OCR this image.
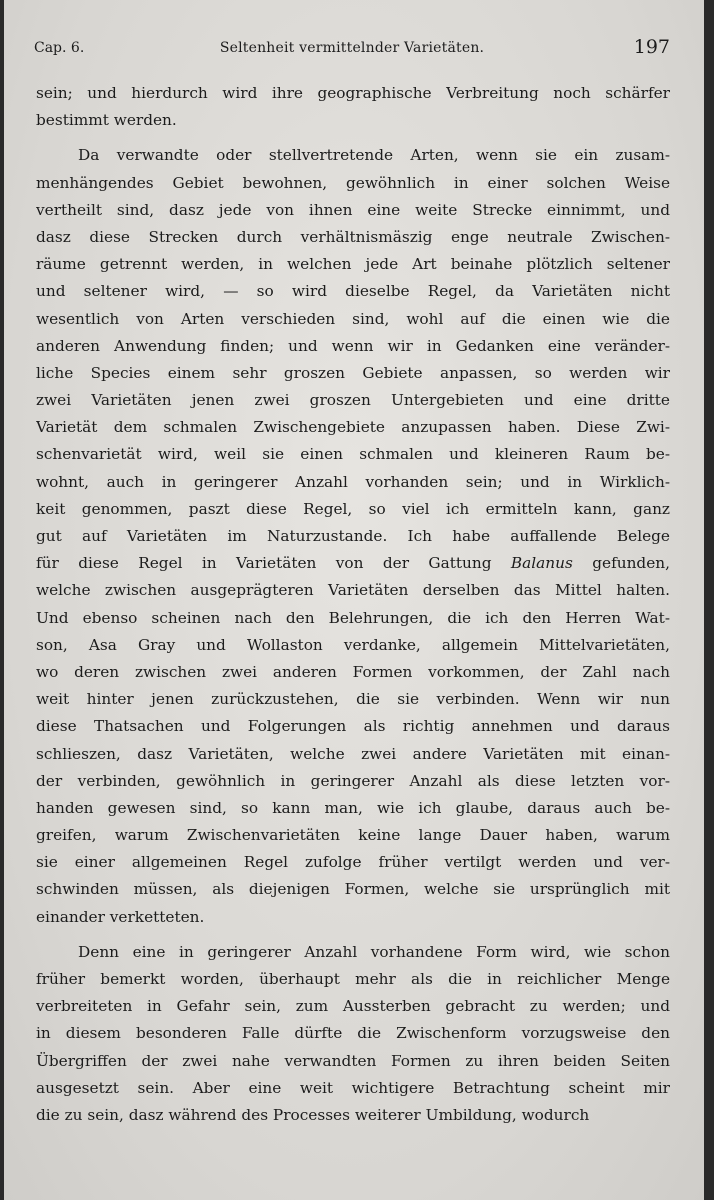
Cap. 6.	Seltenheit vermittelnder Varietäten.	197
sein; und hierdurch wird ihre geographische Verbreitung noch schärfer
bestimmt werden.
Da verwandte oder stellvertretende Arten, wenn sie ein zusam-
menhängendes Gebiet bewohnen, gewöhnlich in einer solchen Weise
vertheilt sind, dasz jede von ihnen eine weite Strecke einnimmt, und
dasz diese Strecken durch verhältnismäszig enge neutrale Zwischen-
räume getrennt werden, in welchen jede Art beinahe plötzlich seltener
und seltener wird, — so wird dieselbe Regel, da Varietäten nicht
wesentlich von Arten verschieden sind, wohl auf die einen wie die
anderen Anwendung finden; und wenn wir in Gedanken eine veränder-
liche Species einem sehr groszen Gebiete anpassen, so werden wir
zwei Varietäten jenen zwei groszen Untergebieten und eine dritte
Varietät dem schmalen Zwischengebiete anzupassen haben. Diese Zwi-
schenvarietät wird, weil sie einen schmalen und kleineren Raum be-
wohnt, auch in geringerer Anzahl vorhanden sein; und in Wirklich-
keit genommen, paszt diese Regel, so viel ich ermitteln kann, ganz
gut auf Varietäten im Naturzustande. Ich habe auffallende Belege
für diese Regel in Varietäten von der Gattung Balanus gefunden,
welche zwischen ausgeprägteren Varietäten derselben das Mittel halten.
Und ebenso scheinen nach den Belehrungen, die ich den Herren Wat-
son, Asa Gray und Wollaston verdanke, allgemein Mittelvarietäten,
wo deren zwischen zwei anderen Formen vorkommen, der Zahl nach
weit hinter jenen zurückzustehen, die sie verbinden. Wenn wir nun
diese Thatsachen und Folgerungen als richtig annehmen und daraus
schlieszen, dasz Varietäten, welche zwei andere Varietäten mit einan-
der verbinden, gewöhnlich in geringerer Anzahl als diese letzten vor-
handen gewesen sind, so kann man, wie ich glaube, daraus auch be-
greifen, warum Zwischenvarietäten keine lange Dauer haben, warum
sie einer allgemeinen Regel zufolge früher vertilgt werden und ver-
schwinden müssen, als diejenigen Formen, welche sie ursprünglich mit
einander verketteten.
Denn eine in geringerer Anzahl vorhandene Form wird, wie schon
früher bemerkt worden, überhaupt mehr als die in reichlicher Menge
verbreiteten in Gefahr sein, zum Aussterben gebracht zu werden; und
in diesem besonderen Falle dürfte die Zwischenform vorzugsweise den
Übergriffen der zwei nahe verwandten Formen zu ihren beiden Seiten
ausgesetzt sein. Aber eine weit wichtigere Betrachtung scheint mir
die zu sein, dasz während des Processes weiterer Umbildung, wodurch
